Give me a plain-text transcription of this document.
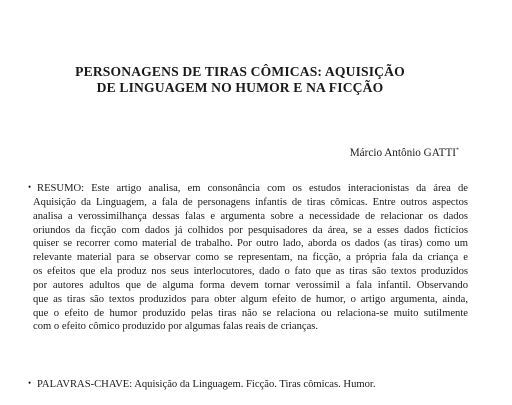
PERSONAGENS DE TIRAS CÔMICAS: AQUISIÇÃO
DE LINGUAGEM NO HUMOR E NA FICÇÃO
Márcio Antônio GATTI*
• RESUMO: Este artigo analisa, em consonância com os estudos interacionistas da área de
Aquisição da Linguagem, a fala de personagens infantis de tiras cômicas. Entre outros aspectos
analisa a verossimilhança dessas falas e argumenta sobre a necessidade de relacionar os dados
oriundos da ficção com dados já colhidos por pesquisadores da área, se a esses dados fictícios
quiser se recorrer como material de trabalho. Por outro lado, aborda os dados (as tiras) como um
relevante material para se observar como se representam, na ficção, a própria fala da criança e
os efeitos que ela produz nos seus interlocutores, dado o fato que as tiras são textos produzidos
por autores adultos que de alguma forma devem tornar verossímil a fala infantil. Observando
que as tiras são textos produzidos para obter algum efeito de humor, o artigo argumenta, ainda,
que o efeito de humor produzido pelas tiras não se relaciona ou relaciona-se muito sutilmente
com o efeito cômico produzido por algumas falas reais de crianças.
• PALAVRAS-CHAVE: Aquisição da Linguagem. Ficção. Tiras cômicas. Humor.
